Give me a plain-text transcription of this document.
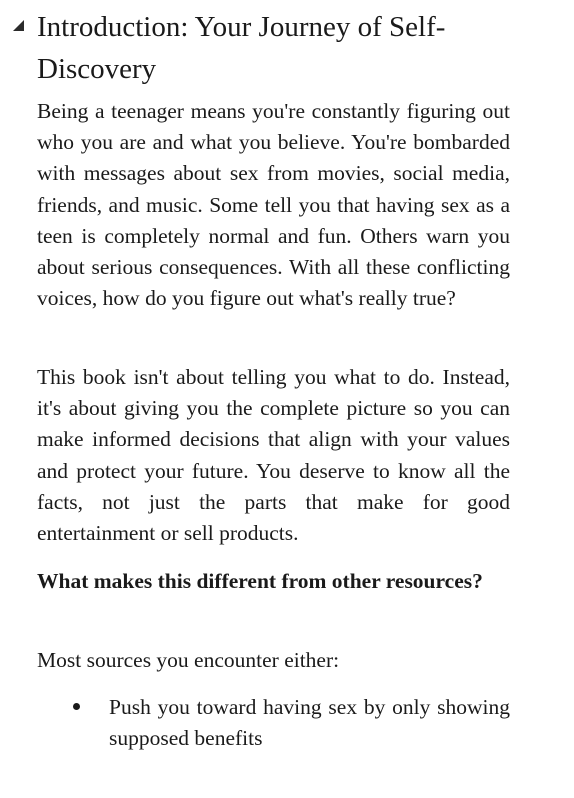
Introduction: Your Journey of Self-Discovery

Being a teenager means you're constantly figuring out who you are and what you believe. You're bombarded with messages about sex from movies, social media, friends, and music. Some tell you that having sex as a teen is completely normal and fun. Others warn you about serious consequences. With all these conflicting voices, how do you figure out what's really true?

This book isn't about telling you what to do. Instead, it's about giving you the complete picture so you can make informed decisions that align with your values and protect your future. You deserve to know all the facts, not just the parts that make for good entertainment or sell products.

What makes this different from other resources?

Most sources you encounter either:

Push you toward having sex by only showing supposed benefits
